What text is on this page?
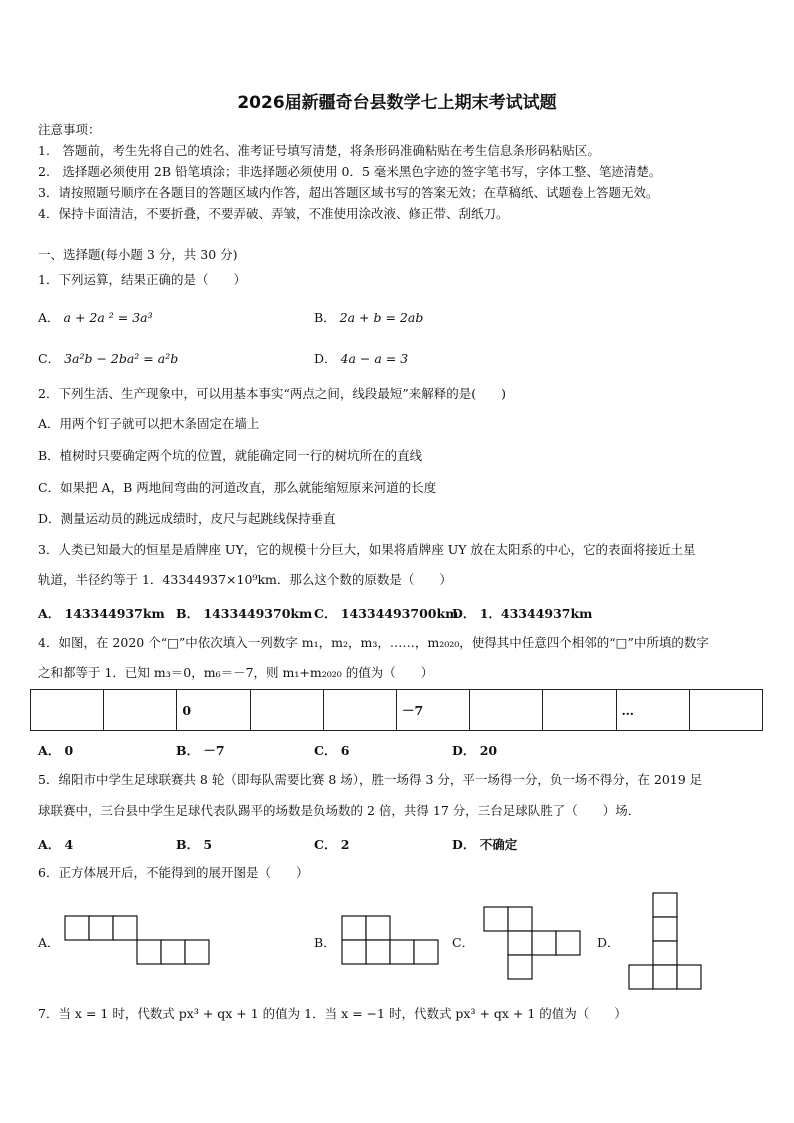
2026届新疆奇台县数学七上期末考试试题
注意事项：
1.　答题前，考生先将自己的姓名、准考证号填写清楚，将条形码准确粘贴在考生信息条形码粘贴区。
2.　选择题必须使用 2B 铅笔填涂；非选择题必须使用 0．5 毫米黑色字迹的签字笔书写，字体工整、笔迹清楚。
3．请按照题号顺序在各题目的答题区域内作答，超出答题区域书写的答案无效；在草稿纸、试题卷上答题无效。
4．保持卡面清洁，不要折叠，不要弄破、弄皱，不准使用涂改液、修正带、刮纸刀。
一、选择题(每小题 3 分，共 30 分)
1．下列运算，结果正确的是（　　）
A． a + 2a ² = 3a³	B． 2a + b = 2ab
C． 3a²b − 2ba² = a²b	D． 4a − a = 3
2．下列生活、生产现象中，可以用基本事实“两点之间，线段最短”来解释的是(　　)
A．用两个钉子就可以把木条固定在墙上
B．植树时只要确定两个坑的位置，就能确定同一行的树坑所在的直线
C．如果把 A，B 两地间弯曲的河道改直，那么就能缩短原来河道的长度
D．测量运动员的跳远成绩时，皮尺与起跳线保持垂直
3．人类已知最大的恒星是盾牌座 UY，它的规模十分巨大，如果将盾牌座 UY 放在太阳系的中心，它的表面将接近土星
轨道，半径约等于 1．43344937×10⁹km．那么这个数的原数是（　　）
A． 143344937km B． 1433449370km C． 14334493700km
D． 1．43344937km
4．如图，在 2020 个“□”中依次填入一列数字 m₁，m₂，m₃，……，m₂₀₂₀，使得其中任意四个相邻的“□”中所填的数字
之和都等于 1．已知 m₃＝0，m₆＝－7，则 m₁+m₂₀₂₀ 的值为（　　）
		0			－7			…	
A． 0	B． －7	C． 6	D． 20
5．绵阳市中学生足球联赛共 8 轮（即每队需要比赛 8 场），胜一场得 3 分，平一场得一分，负一场不得分，在 2019 足
球联赛中，三台县中学生足球代表队踢平的场数是负场数的 2 倍，共得 17 分，三台足球队胜了（　　）场．
A． 4	B． 5	C． 2	D． 不确定
6．正方体展开后，不能得到的展开图是（　　）
A．	B．	C．	D．
7．当 x = 1 时，代数式 px³ + qx + 1 的值为 1．当 x = −1 时，代数式 px³ + qx + 1 的值为（　　）
